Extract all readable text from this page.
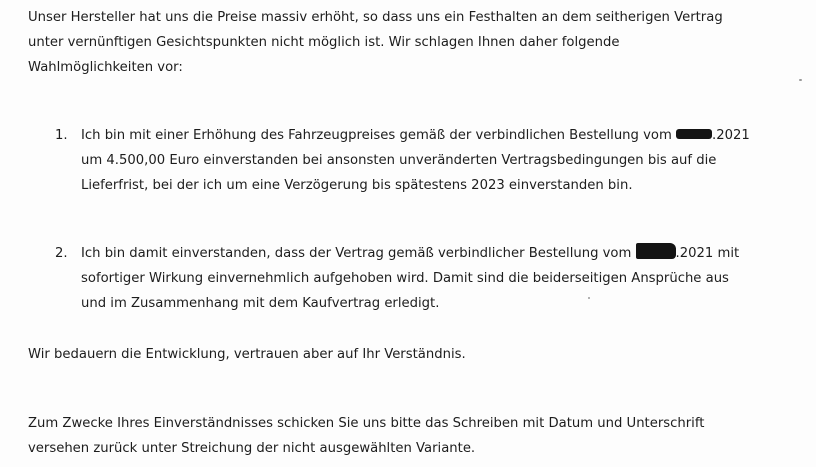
Unser Hersteller hat uns die Preise massiv erhöht, so dass uns ein Festhalten an dem seitherigen Vertrag
unter vernünftigen Gesichtspunkten nicht möglich ist. Wir schlagen Ihnen daher folgende
Wahlmöglichkeiten vor:
1. Ich bin mit einer Erhöhung des Fahrzeugpreises gemäß der verbindlichen Bestellung vom	.2021
um 4.500,00 Euro einverstanden bei ansonsten unveränderten Vertragsbedingungen bis auf die
Lieferfrist, bei der ich um eine Verzögerung bis spätestens 2023 einverstanden bin.
2. Ich bin damit einverstanden, dass der Vertrag gemäß verbindlicher Bestellung vom	.2021 mit
sofortiger Wirkung einvernehmlich aufgehoben wird. Damit sind die beiderseitigen Ansprüche aus
und im Zusammenhang mit dem Kaufvertrag erledigt.
Wir bedauern die Entwicklung, vertrauen aber auf Ihr Verständnis.
Zum Zwecke Ihres Einverständnisses schicken Sie uns bitte das Schreiben mit Datum und Unterschrift
versehen zurück unter Streichung der nicht ausgewählten Variante.
